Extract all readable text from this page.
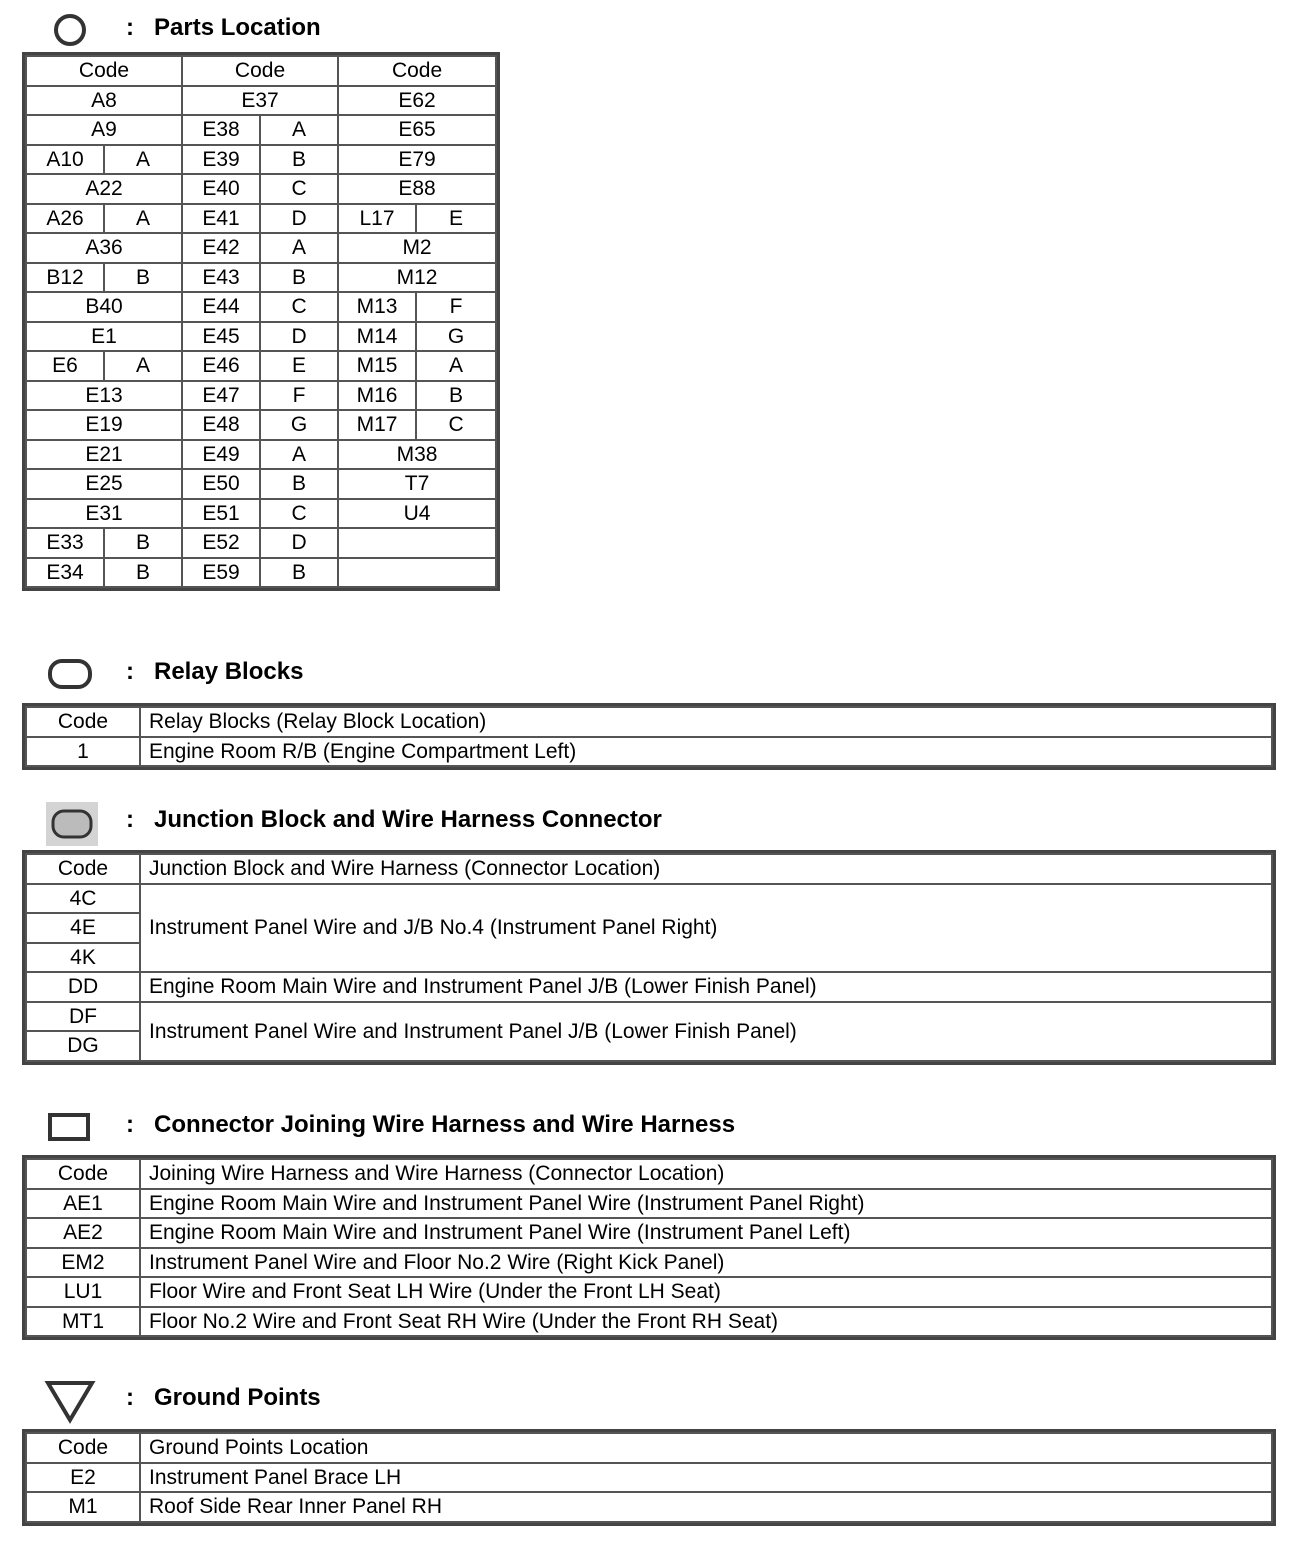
: Parts Location
Code		Code		Code	
A8		E37		E62	
A9		E38	A	E65	
A10	A	E39	B	E79	
A22		E40	C	E88	
A26	A	E41	D	L17	E
A36		E42	A	M2	
B12	B	E43	B	M12	
B40		E44	C	M13	F
E1		E45	D	M14	G
E6	A	E46	E	M15	A
E13		E47	F	M16	B
E19		E48	G	M17	C
E21		E49	A	M38	
E25		E50	B	T7	
E31		E51	C	U4	
E33	B	E52	D		
E34	B	E59	B		
: Relay Blocks
Code	Relay Blocks (Relay Block Location)
1	Engine Room R/B (Engine Compartment Left)
: Junction Block and Wire Harness Connector
Code	Junction Block and Wire Harness (Connector Location)
4C	Instrument Panel Wire and J/B No.4 (Instrument Panel Right)
4E	
4K	
DD	Engine Room Main Wire and Instrument Panel J/B (Lower Finish Panel)
DF	Instrument Panel Wire and Instrument Panel J/B (Lower Finish Panel)
DG	
: Connector Joining Wire Harness and Wire Harness
Code	Joining Wire Harness and Wire Harness (Connector Location)
AE1	Engine Room Main Wire and Instrument Panel Wire (Instrument Panel Right)
AE2	Engine Room Main Wire and Instrument Panel Wire (Instrument Panel Left)
EM2	Instrument Panel Wire and Floor No.2 Wire (Right Kick Panel)
LU1	Floor Wire and Front Seat LH Wire (Under the Front LH Seat)
MT1	Floor No.2 Wire and Front Seat RH Wire (Under the Front RH Seat)
: Ground Points
Code	Ground Points Location
E2	Instrument Panel Brace LH
M1	Roof Side Rear Inner Panel RH
